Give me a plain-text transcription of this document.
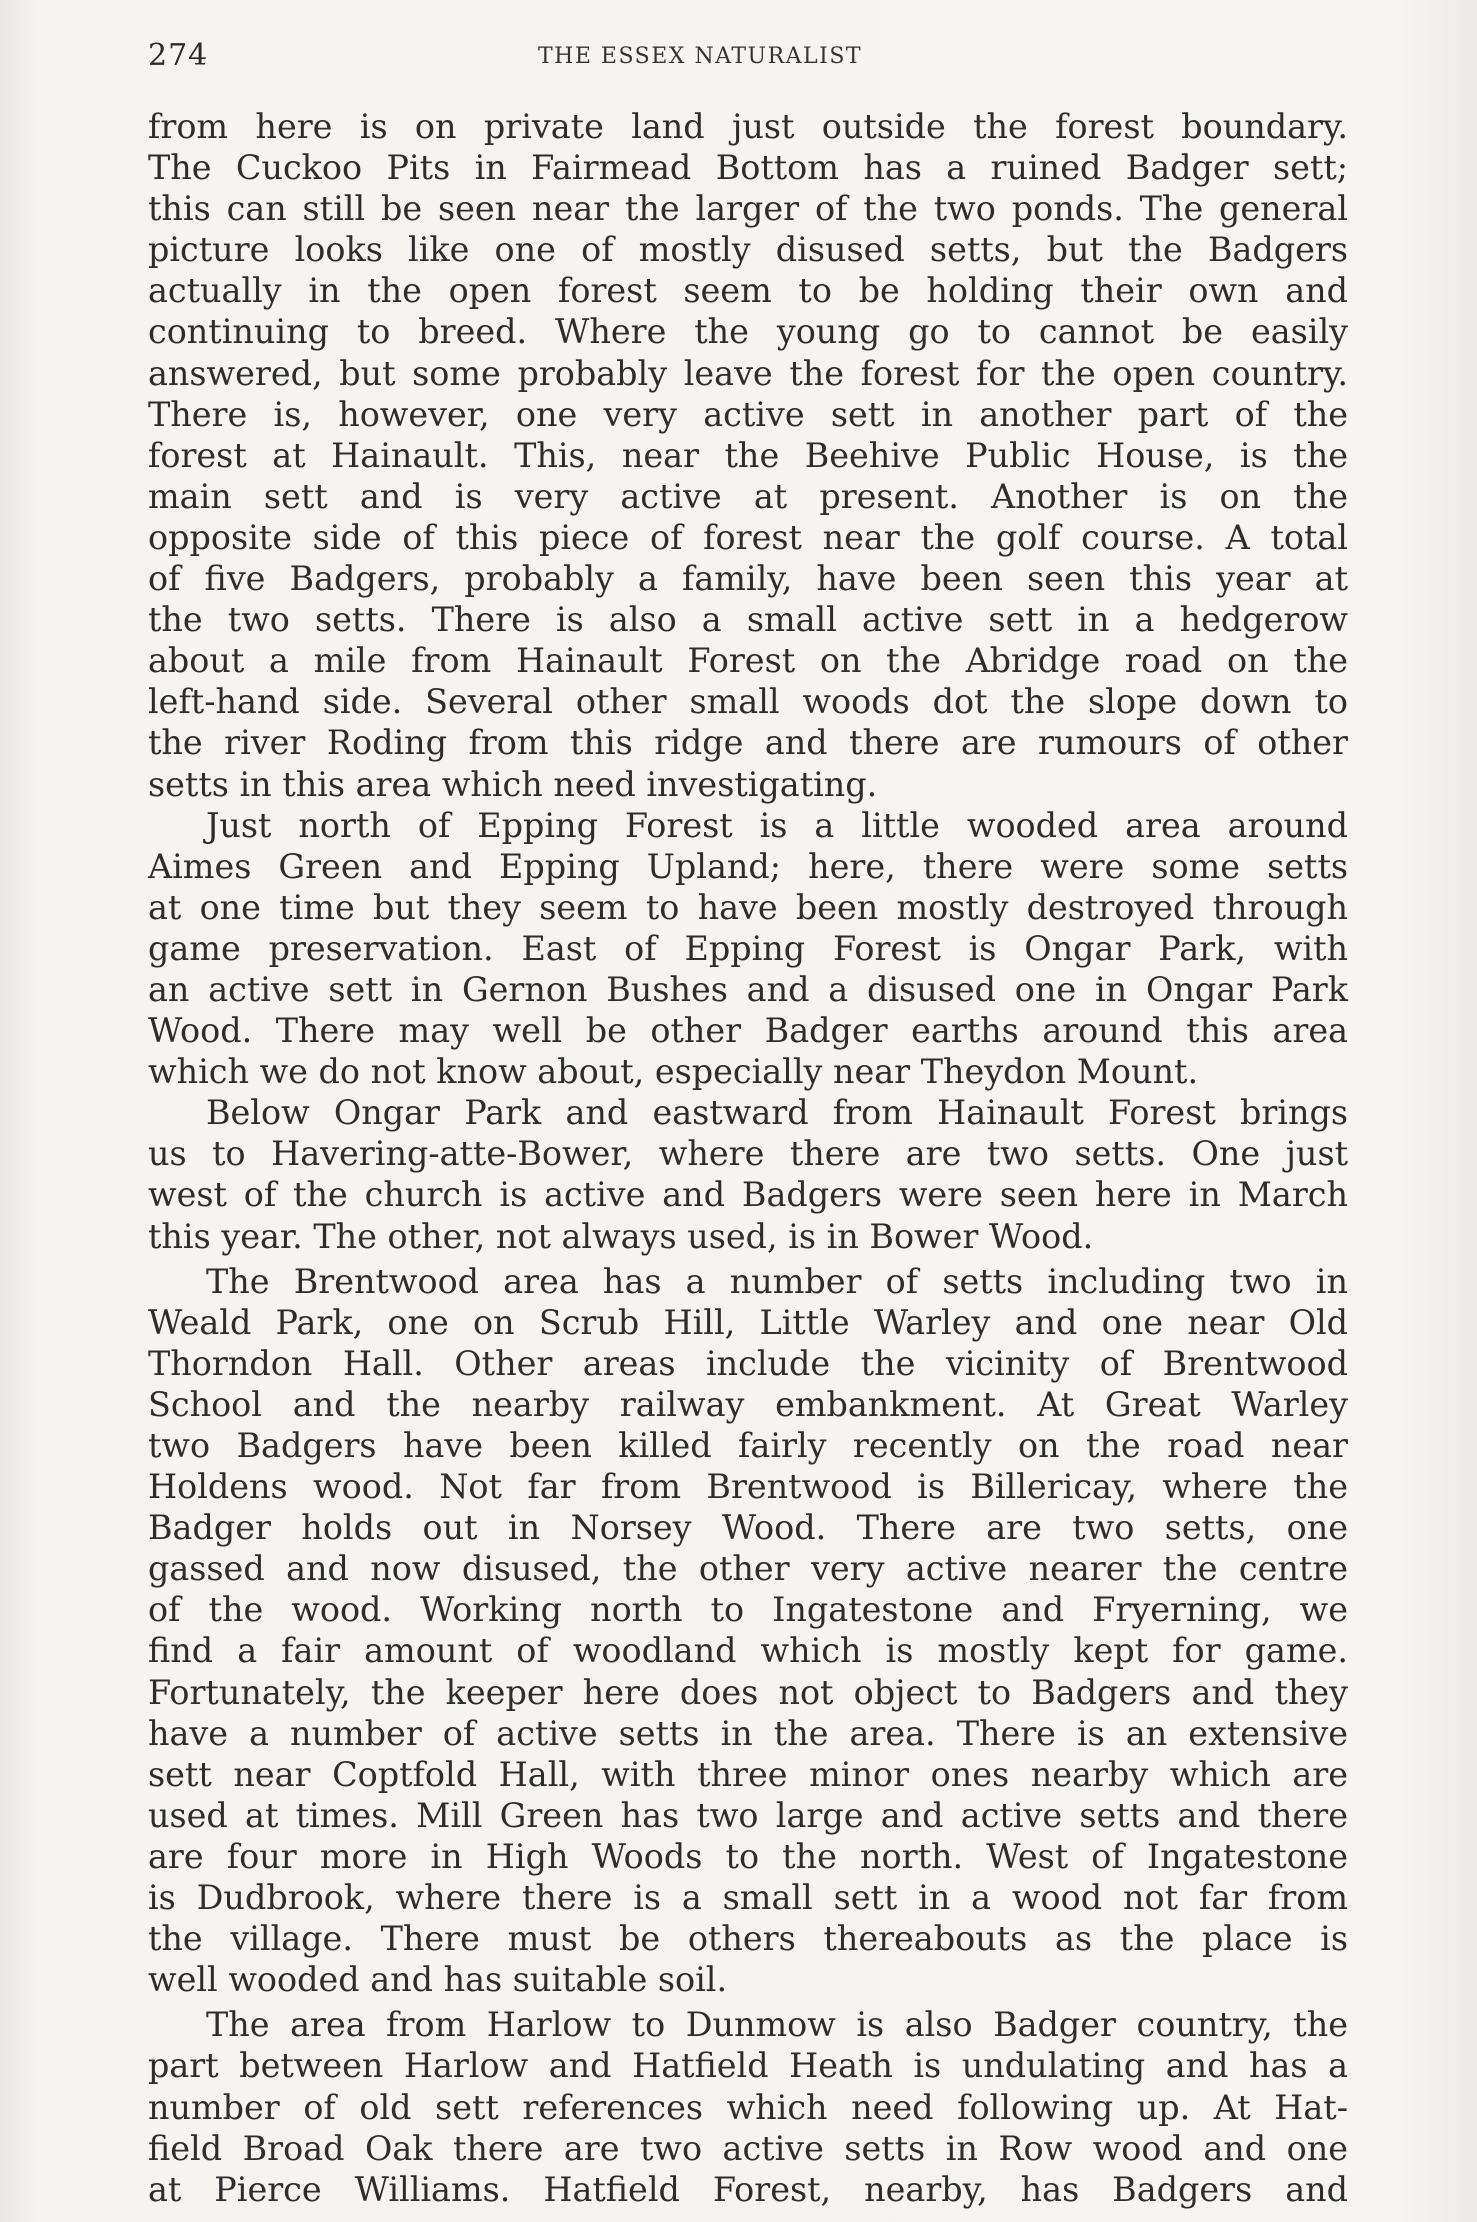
274	THE ESSEX NATURALIST
from here is on private land just outside the forest boundary.
The Cuckoo Pits in Fairmead Bottom has a ruined Badger sett;
this can still be seen near the larger of the two ponds. The general
picture looks like one of mostly disused setts, but the Badgers
actually in the open forest seem to be holding their own and
continuing to breed. Where the young go to cannot be easily
answered, but some probably leave the forest for the open country.
There is, however, one very active sett in another part of the
forest at Hainault. This, near the Beehive Public House, is the
main sett and is very active at present. Another is on the
opposite side of this piece of forest near the golf course. A total
of five Badgers, probably a family, have been seen this year at
the two setts. There is also a small active sett in a hedgerow
about a mile from Hainault Forest on the Abridge road on the
left-hand side. Several other small woods dot the slope down to
the river Roding from this ridge and there are rumours of other
setts in this area which need investigating.
Just north of Epping Forest is a little wooded area around
Aimes Green and Epping Upland; here, there were some setts
at one time but they seem to have been mostly destroyed through
game preservation. East of Epping Forest is Ongar Park, with
an active sett in Gernon Bushes and a disused one in Ongar Park
Wood. There may well be other Badger earths around this area
which we do not know about, especially near Theydon Mount.
Below Ongar Park and eastward from Hainault Forest brings
us to Havering-atte-Bower, where there are two setts. One just
west of the church is active and Badgers were seen here in March
this year. The other, not always used, is in Bower Wood.
The Brentwood area has a number of setts including two in
Weald Park, one on Scrub Hill, Little Warley and one near Old
Thorndon Hall. Other areas include the vicinity of Brentwood
School and the nearby railway embankment. At Great Warley
two Badgers have been killed fairly recently on the road near
Holdens wood. Not far from Brentwood is Billericay, where the
Badger holds out in Norsey Wood. There are two setts, one
gassed and now disused, the other very active nearer the centre
of the wood. Working north to Ingatestone and Fryerning, we
find a fair amount of woodland which is mostly kept for game.
Fortunately, the keeper here does not object to Badgers and they
have a number of active setts in the area. There is an extensive
sett near Coptfold Hall, with three minor ones nearby which are
used at times. Mill Green has two large and active setts and there
are four more in High Woods to the north. West of Ingatestone
is Dudbrook, where there is a small sett in a wood not far from
the village. There must be others thereabouts as the place is
well wooded and has suitable soil.
The area from Harlow to Dunmow is also Badger country, the
part between Harlow and Hatfield Heath is undulating and has a
number of old sett references which need following up. At Hat-
field Broad Oak there are two active setts in Row wood and one
at Pierce Williams. Hatfield Forest, nearby, has Badgers and
